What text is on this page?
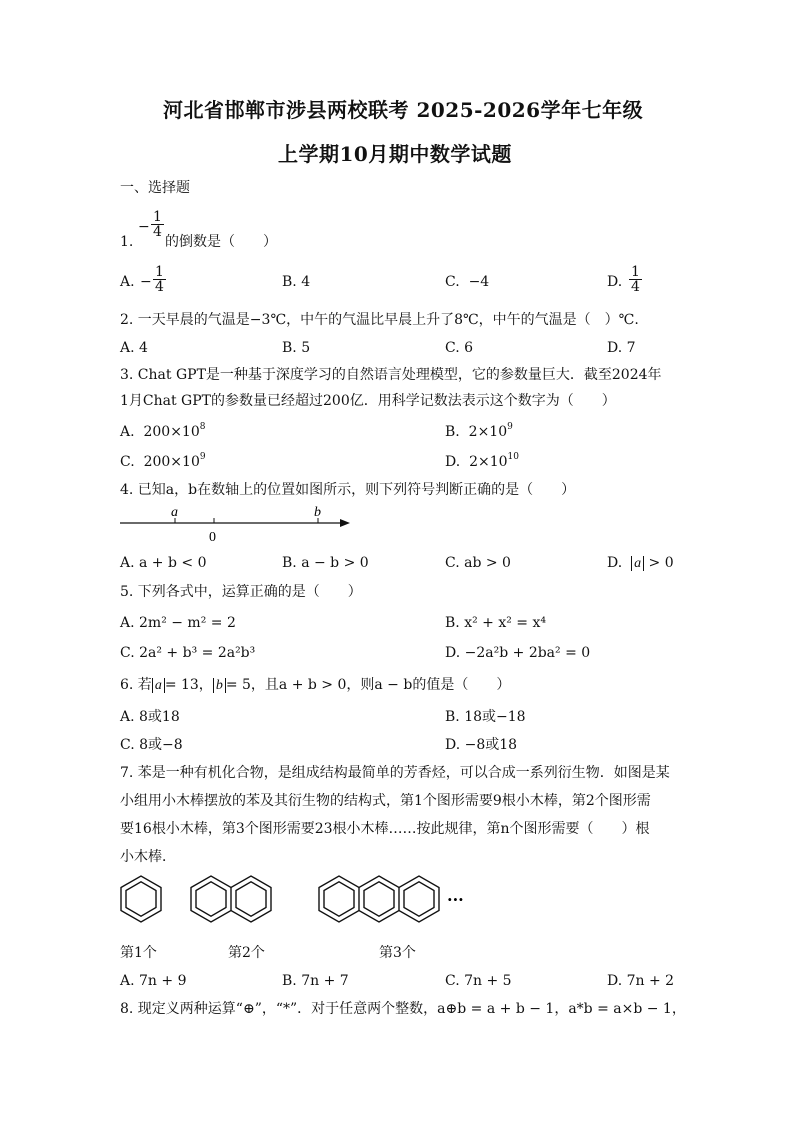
河北省邯郸市涉县两校联考 2025-2026学年七年级
上学期10月期中数学试题
一、选择题
1.
− $\frac{1}{4}$
的倒数是（　　）
A. − $\frac{1}{4}$	B. 4	C. −4	D. $\frac{1}{4}$
2. 一天早晨的气温是−3℃，中午的气温比早晨上升了8℃，中午的气温是（　）℃.
A. 4	B. 5	C. 6	D. 7
3. Chat GPT是一种基于深度学习的自然语言处理模型，它的参数量巨大．截至2024年
1月Chat GPT的参数量已经超过200亿．用科学记数法表示这个数字为（　　）
A. $200\times 10^8$	B. $2\times 10^9$
C. $200\times 10^9$	D. $2\times 10^{10}$
4. 已知a，b在数轴上的位置如图所示，则下列符号判断正确的是（　　）
a
0
b
A. a + b < 0	B. a − b > 0	C. ab > 0	D. a > 0
5. 下列各式中，运算正确的是（　　）
A. 2m² − m² = 2	B. x² + x² = x⁴
C. 2a² + b³ = 2a²b³	D. −2a²b + 2ba² = 0
6. 若 a = 13， b = 5，且a + b > 0，则a − b的值是（　　）
A. 8或18	B. 18或−18
C. 8或−8	D. −8或18
7. 苯是一种有机化合物，是组成结构最简单的芳香烃，可以合成一系列衍生物．如图是某
小组用小木棒摆放的苯及其衍生物的结构式，第1个图形需要9根小木棒，第2个图形需
要16根小木棒，第3个图形需要23根小木棒……按此规律，第n个图形需要（　　）根
小木棒．
···
第1个	第2个	第3个
A. 7n + 9	B. 7n + 7	C. 7n + 5	D. 7n + 2
8. 现定义两种运算“⊕”，“*”．对于任意两个整数，a⊕b = a + b − 1，a*b = a×b − 1，
